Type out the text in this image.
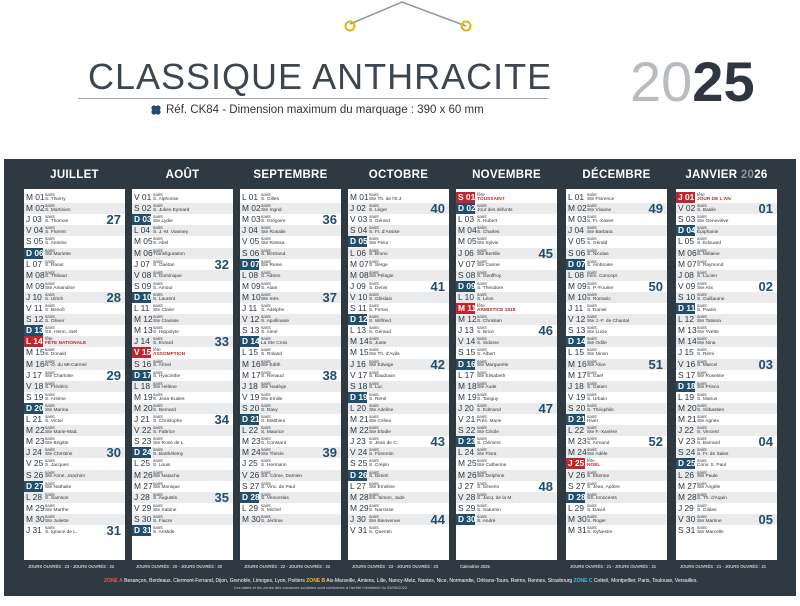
CLASSIQUE ANTHRACITE
Réf. CK84 - Dimension maximum du marquage : 390 x 60 mm	2025
ZONE A Besançon, Bordeaux, Clermont-Ferrand, Dijon, Grenoble, Limoges, Lyon, Poitiers ZONE B Aix-Marseille, Amiens, Lille, Nancy-Metz, Nantes, Nice, Normandie, Orléans-Tours, Reims, Rennes, Strasbourg ZONE C Créteil, Montpellier, Paris, Toulouse, Versailles.
Les dates et les zones des vacances scolaires sont conformes à l'arrêté ministériel du 05/09/2022.
JUILLET
M 01 saint
S. Thierry
M 02 saint
S. Martinien
J 03 saint
S. Thomas
V 04 saint
S. Florent
S 05 saint
S. Antoine
D 06 saint
Ste Mariette
L 07 saint
S. Raoul
M 08 saint
S. Thibaut
M 09 saint
Ste Amandine
J 10 saint
S. Ulrich
V 11 saint
S. Benoît
S 12 saint
S. Olivier
D 13 saint
SS. Henri, Joël
L 14 fête
FÊTE NATIONALE
M 15 saint
S. Donald
M 16 saint
N.-D. du Mt-Carmel
J 17 saint
Ste Charlotte
V 18 saint
S. Frédéric
S 19 saint
S. Arsène
D 20 saint
Ste Marina
L 21 saint
S. Victor
M 22 saint
Ste Marie-Mad.
M 23 saint
Ste Brigitte
J 24 saint
Ste Christine
V 25 saint
S. Jacques
S 26 saint
Ste Anne, Joachim
D 27 saint
Ste Nathalie
L 28 saint
S. Samson
M 29 saint
Ste Marthe
M 30 saint
Ste Juliette
J 31 saint
S. Ignace de L.
27
28
29
30
31
JOURS OUVRÉS : 23 - JOURS OUVRÉS : 22
AOÛT
V 01 saint
S. Alphonse
S 02 saint
S. Julien Eymard
D 03 saint
Ste Lydie
L 04 saint
S. J.-M. Vianney
M 05 saint
S. Abel
M 06 saint
Transfiguration
J 07 saint
S. Gaétan
V 08 saint
S. Dominique
S 09 saint
S. Amour
D 10 saint
S. Laurent
L 11 saint
Ste Claire
M 12 saint
Ste Clarisse
M 13 saint
S. Hippolyte
J 14 saint
S. Evrard
V 15 fête
ASSOMPTION
S 16 saint
S. Armel
D 17 saint
S. Hyacinthe
L 18 saint
Ste Hélène
M 19 saint
S. Jean-Eudes
M 20 saint
S. Bernard
J 21 saint
S. Christophe
V 22 saint
S. Fabrice
S 23 saint
Ste Rose de L.
D 24 saint
S. Barthélemy
L 25 saint
S. Louis
M 26 saint
Ste Natacha
M 27 saint
Ste Monique
J 28 saint
S. Augustin
V 29 saint
Ste Sabine
S 30 saint
S. Fiacre
D 31 saint
S. Aristide
32
33
34
35
JOURS OUVRÉS : 20 - JOURS OUVRÉS : 20
SEPTEMBRE
L 01 saint
S. Gilles
M 02 saint
Ste Ingrid
M 03 saint
S. Grégoire
J 04 saint
Ste Rosalie
V 05 saint
Ste Raïssa
S 06 saint
S. Bertrand
D 07 saint
Ste Reine
L 08 saint
S. Adrien
M 09 saint
S. Alain
M 10 saint
Ste Inès
J 11 saint
S. Adelphe
V 12 saint
S. Apollinaire
S 13 saint
S. Aimé
D 14 saint
La Ste Croix
L 15 saint
S. Roland
M 16 saint
Ste Edith
M 17 saint
S. Renaud
J 18 saint
Ste Nadège
V 19 saint
Ste Emilie
S 20 saint
S. Davy
D 21 saint
S. Matthieu
L 22 saint
S. Maurice
M 23 saint
S. Constant
M 24 saint
Ste Thècle
J 25 saint
S. Hermann
V 26 saint
SS. Côme, Damien
S 27 saint
S. Vinc. de Paul
D 28 saint
S. Venceslas
L 29 saint
S. Michel
M 30 saint
S. Jérôme
36
37
38
39
JOURS OUVRÉS : 22 - JOURS OUVRÉS : 22
OCTOBRE
M 01 saint
Ste Th. de l'E.J.
J 02 saint
S. Léger
V 03 saint
S. Gérard
S 04 saint
S. Fr. d'Assise
D 05 saint
Ste Fleur
L 06 saint
S. Bruno
M 07 saint
S. Serge
M 08 saint
Ste Pélagie
J 09 saint
S. Denis
V 10 saint
S. Ghislain
S 11 saint
S. Firmin
D 12 saint
S. Wilfried
L 13 saint
S. Géraud
M 14 saint
S. Juste
M 15 saint
Ste Th. d'Avila
J 16 saint
Ste Edwige
V 17 saint
S. Baudouin
S 18 saint
S. Luc
D 19 saint
S. René
L 20 saint
Ste Adeline
M 21 saint
Ste Céline
M 22 saint
Ste Elodie
J 23 saint
S. Jean de C.
V 24 saint
S. Florentin
S 25 saint
S. Crépin
D 26 saint
S. Dimitri
L 27 saint
Ste Emeline
M 28 saint
SS. Simon, Jude
M 29 saint
S. Narcisse
J 30 saint
Ste Bienvenue
V 31 saint
S. Quentin
40
41
42
43
44
JOURS OUVRÉS : 23 - JOURS OUVRÉS : 23
NOVEMBRE
S 01 fête
TOUSSAINT
D 02 saint
Jour des défunts
L 03 saint
S. Hubert
M 04 saint
S. Charles
M 05 saint
Ste Sylvie
J 06 saint
Ste Bertille
V 07 saint
Ste Carine
S 08 saint
S. Geoffroy
D 09 saint
S. Théodore
L 10 saint
S. Léon
M 11 fête
ARMISTICE 1918
M 12 saint
S. Christian
J 13 saint
S. Brice
V 14 saint
S. Sidoine
S 15 saint
S. Albert
D 16 saint
Ste Marguerite
L 17 saint
Ste Elisabeth
M 18 saint
Ste Aude
M 19 saint
S. Tanguy
J 20 saint
S. Edmond
V 21 saint
Prés. Marie
S 22 saint
Ste Cécile
D 23 saint
S. Clément
L 24 saint
Ste Flora
M 25 saint
Ste Catherine
M 26 saint
Ste Delphine
J 27 saint
S. Séverin
V 28 saint
S. Jacq. de la M.
S 29 saint
S. Saturnin
D 30 saint
S. André
45
46
47
48
Calendrier 2025
DÉCEMBRE
L 01 saint
Ste Florence
M 02 saint
Ste Viviane
M 03 saint
S. Fr.-Xavier
J 04 saint
Ste Barbara
V 05 saint
S. Gérald
S 06 saint
S. Nicolas
D 07 saint
S. Ambroise
L 08 saint
Imm. Concept.
M 09 saint
S. P.-Fourier
M 10 saint
S. Romaric
J 11 saint
S. Daniel
V 12 saint
Ste J.-F. de Chantal
S 13 saint
Ste Lucie
D 14 saint
Ste Odile
L 15 saint
Ste Ninon
M 16 saint
Ste Alice
M 17 saint
S. Gaël
J 18 saint
S. Gatien
V 19 saint
S. Urbain
S 20 saint
S. Théophile
D 21 saint
Hiver
L 22 saint
Ste F.-Xavière
M 23 saint
S. Armand
M 24 saint
Ste Adèle
J 25 fête
NOËL
V 26 saint
S. Etienne
S 27 saint
S. Jean, Apôtre
D 28 saint
SS. Innocents
L 29 saint
S. David
M 30 saint
S. Roger
M 31 saint
S. Sylvestre
49
50
51
52
JOURS OUVRÉS : 21 - JOURS OUVRÉS : 21
JANVIER 2026
J 01 fête
JOUR DE L'AN
V 02 saint
S. Basile
S 03 saint
Ste Geneviève
D 04 saint
Épiphanie
L 05 saint
S. Edouard
M 06 saint
S. Mélaine
M 07 saint
S. Raymond
J 08 saint
S. Lucien
V 09 saint
Ste Alix
S 10 saint
S. Guillaume
D 11 saint
S. Paulin
L 12 saint
Ste Tatiana
M 13 saint
Ste Yvette
M 14 saint
Ste Nina
J 15 saint
S. Rémi
V 16 saint
S. Marcel
S 17 saint
Ste Roseline
D 18 saint
Ste Prisca
L 19 saint
S. Marius
M 20 saint
S. Sébastien
M 21 saint
Ste Agnès
J 22 saint
S. Vincent
V 23 saint
S. Barnard
S 24 saint
S. Fr. de Sales
D 25 saint
Conv. S. Paul
L 26 saint
Ste Paule
M 27 saint
Ste Angèle
M 28 saint
S. Th. d'Aquin
J 29 saint
S. Gildas
V 30 saint
Ste Martine
S 31 saint
Ste Marcelle
01
02
03
04
05
JOURS OUVRÉS : 21 - JOURS OUVRÉS : 21
